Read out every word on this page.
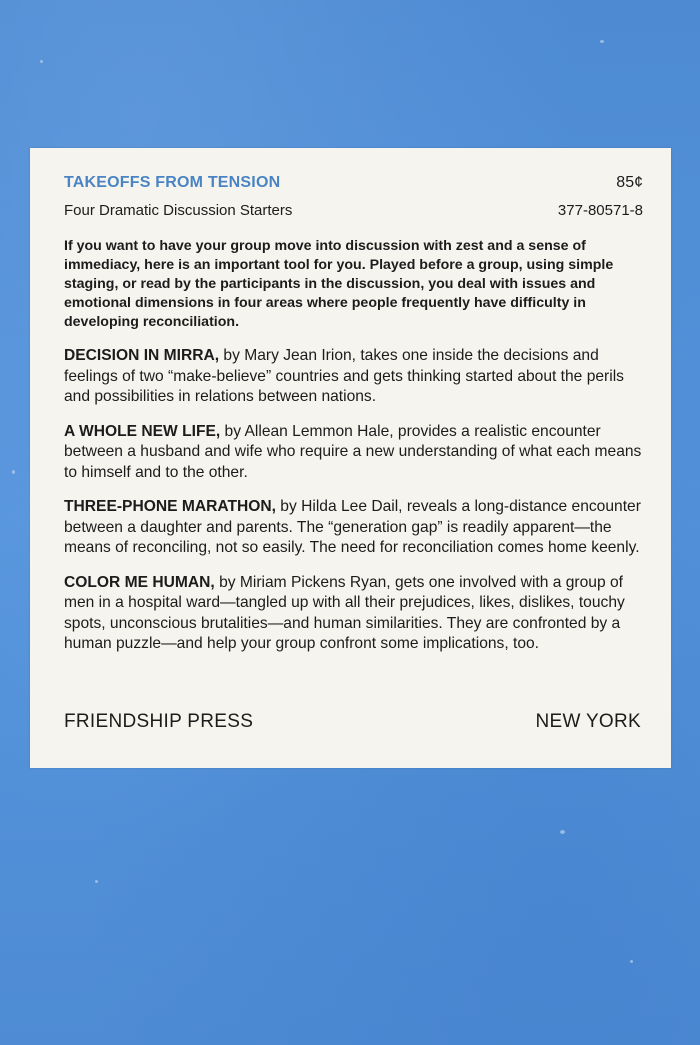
TAKEOFFS FROM TENSION	85¢
Four Dramatic Discussion Starters	377-80571-8
If you want to have your group move into discussion with zest and a sense of immediacy, here is an important tool for you. Played before a group, using simple staging, or read by the participants in the discussion, you deal with issues and emotional dimensions in four areas where people frequently have difficulty in developing reconciliation.
DECISION IN MIRRA, by Mary Jean Irion, takes one inside the decisions and feelings of two “make-believe” countries and gets thinking started about the perils and possibilities in relations between nations.
A WHOLE NEW LIFE, by Allean Lemmon Hale, provides a realistic encounter between a husband and wife who require a new understanding of what each means to himself and to the other.
THREE-PHONE MARATHON, by Hilda Lee Dail, reveals a long-distance encounter between a daughter and parents. The “generation gap” is readily apparent—the means of reconciling, not so easily. The need for reconciliation comes home keenly.
COLOR ME HUMAN, by Miriam Pickens Ryan, gets one involved with a group of men in a hospital ward—tangled up with all their prejudices, likes, dislikes, touchy spots, unconscious brutalities—and human similarities. They are confronted by a human puzzle—and help your group confront some implications, too.
FRIENDSHIP PRESS	NEW YORK
